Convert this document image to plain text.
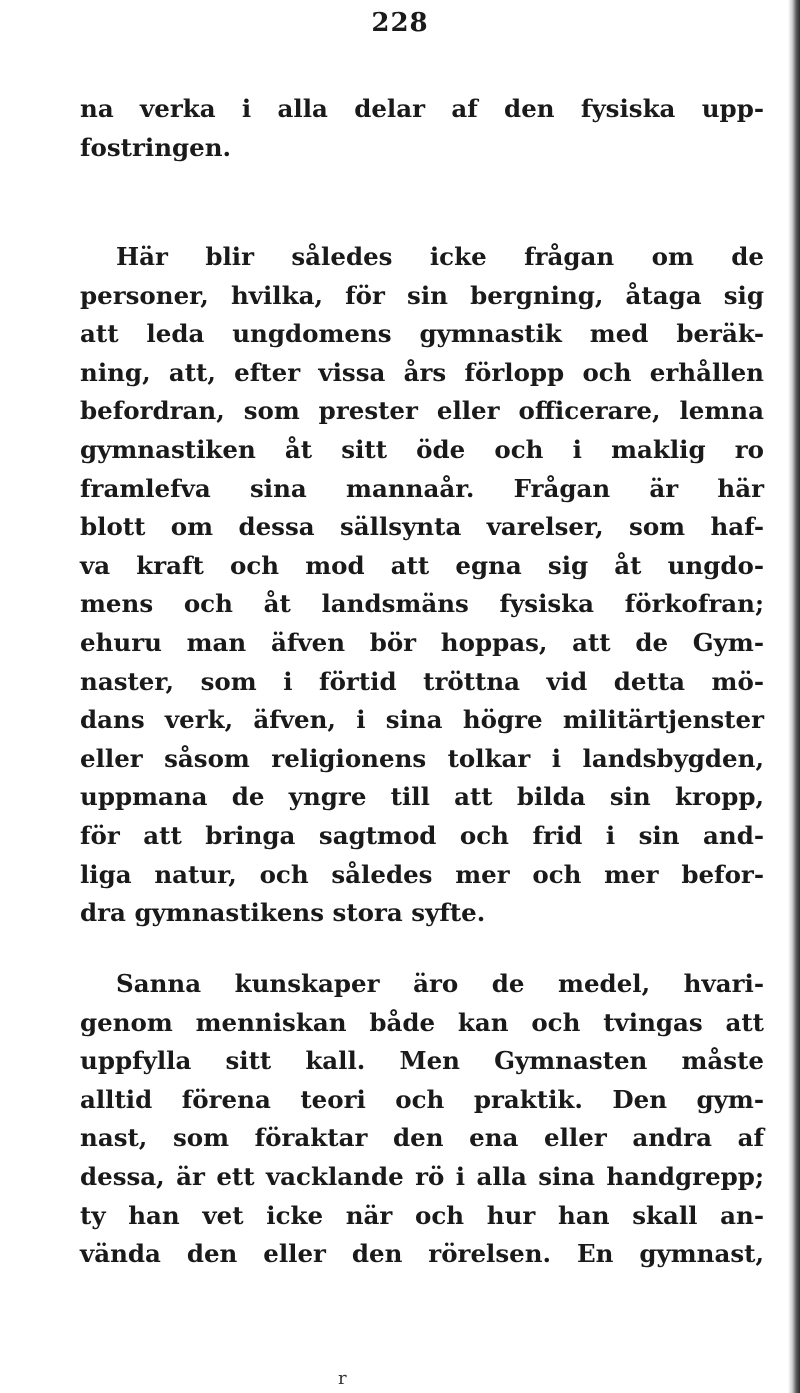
228
na verka i alla delar af den fysiska upp-
fostringen.
Här blir således icke frågan om de
personer, hvilka, för sin bergning, åtaga sig
att leda ungdomens gymnastik med beräk-
ning, att, efter vissa års förlopp och erhållen
befordran, som prester eller officerare, lemna
gymnastiken åt sitt öde och i maklig ro
framlefva sina mannaår. Frågan är här
blott om dessa sällsynta varelser, som haf-
va kraft och mod att egna sig åt ungdo-
mens och åt landsmäns fysiska förkofran;
ehuru man äfven bör hoppas, att de Gym-
naster, som i förtid tröttna vid detta mö-
dans verk, äfven, i sina högre militärtjenster
eller såsom religionens tolkar i landsbygden,
uppmana de yngre till att bilda sin kropp,
för att bringa sagtmod och frid i sin and-
liga natur, och således mer och mer befor-
dra gymnastikens stora syfte.
Sanna kunskaper äro de medel, hvari-
genom menniskan både kan och tvingas att
uppfylla sitt kall. Men Gymnasten måste
alltid förena teori och praktik. Den gym-
nast, som föraktar den ena eller andra af
dessa, är ett vacklande rö i alla sina handgrepp;
ty han vet icke när och hur han skall an-
vända den eller den rörelsen. En gymnast,
r
